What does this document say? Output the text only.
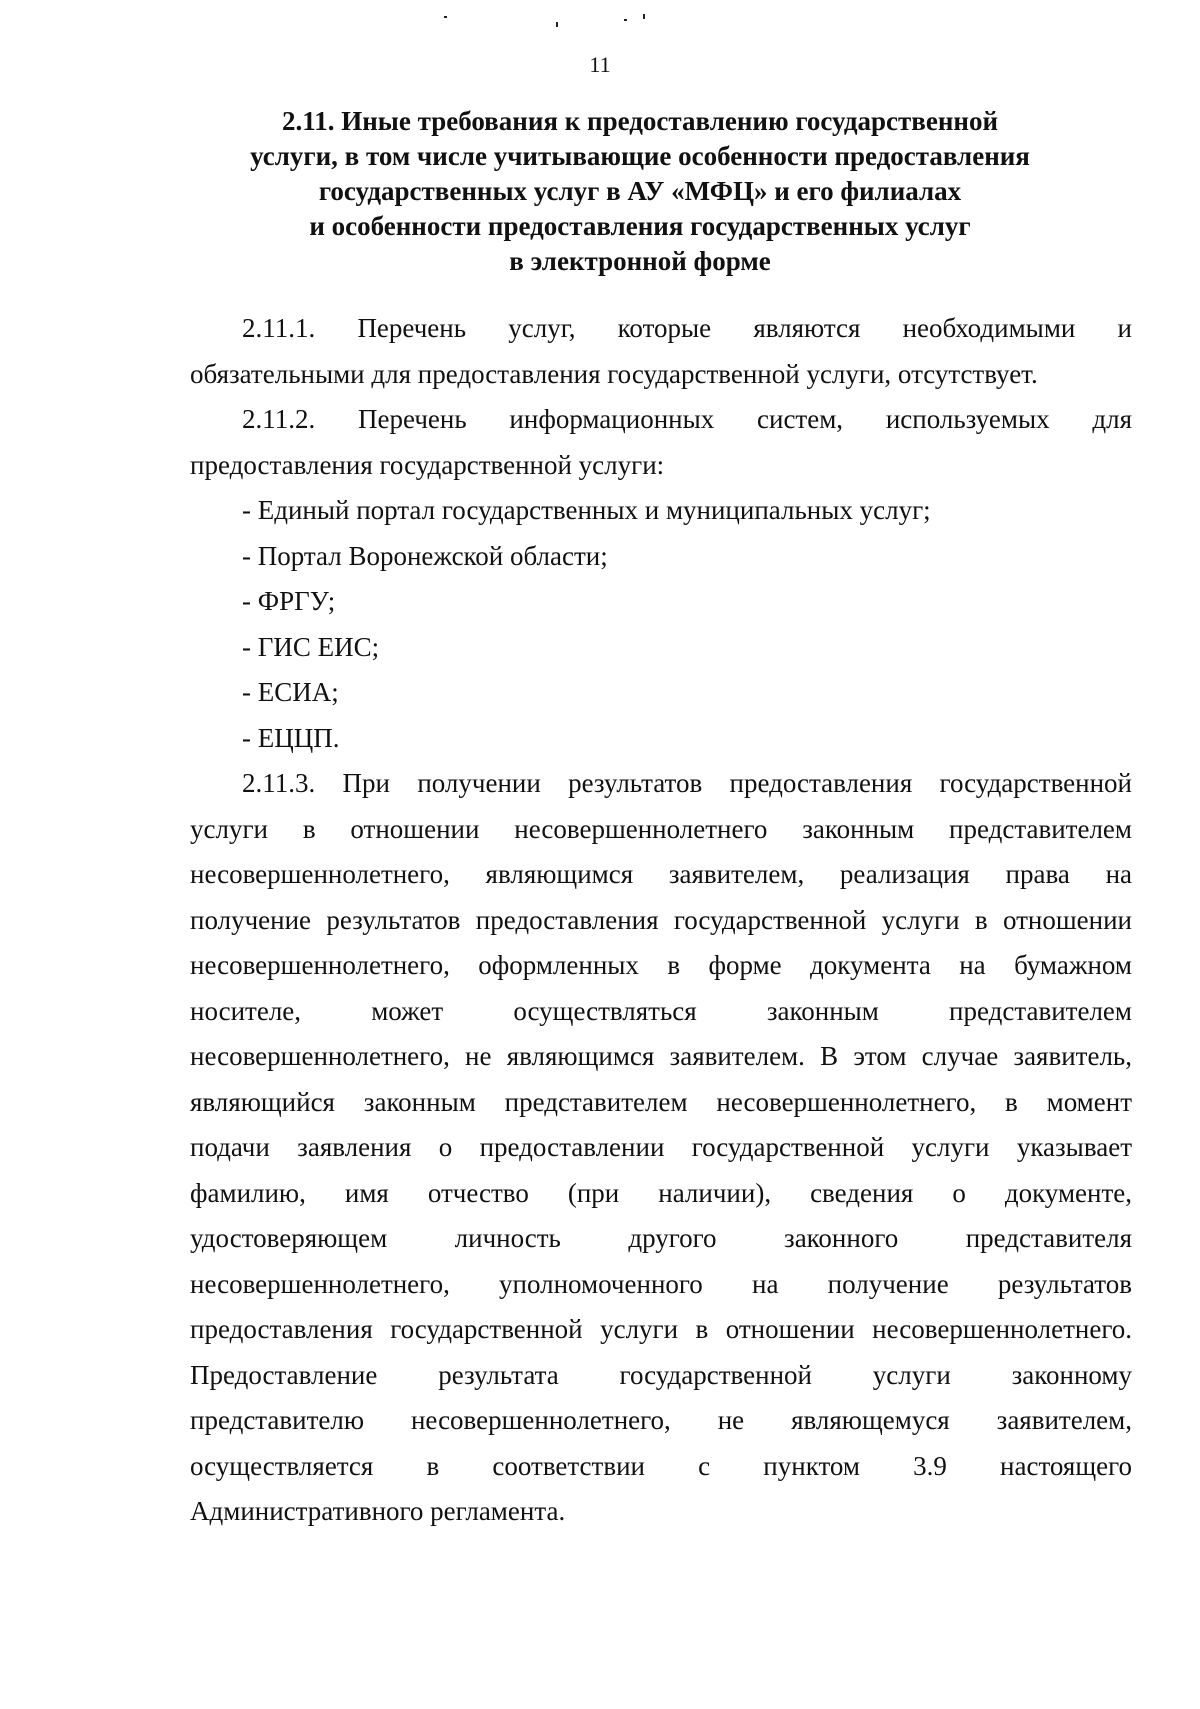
11
2.11. Иные требования к предоставлению государственной
услуги, в том числе учитывающие особенности предоставления
государственных услуг в АУ «МФЦ» и его филиалах
и особенности предоставления государственных услуг
в электронной форме
2.11.1. Перечень услуг, которые являются необходимыми и
обязательными для предоставления государственной услуги, отсутствует.
2.11.2. Перечень информационных систем, используемых для
предоставления государственной услуги:
- Единый портал государственных и муниципальных услуг;
- Портал Воронежской области;
- ФРГУ;
- ГИС ЕИС;
- ЕСИА;
- ЕЦЦП.
2.11.3. При получении результатов предоставления государственной
услуги в отношении несовершеннолетнего законным представителем
несовершеннолетнего, являющимся заявителем, реализация права на
получение результатов предоставления государственной услуги в отношении
несовершеннолетнего, оформленных в форме документа на бумажном
носителе, может осуществляться законным представителем
несовершеннолетнего, не являющимся заявителем. В этом случае заявитель,
являющийся законным представителем несовершеннолетнего, в момент
подачи заявления о предоставлении государственной услуги указывает
фамилию, имя отчество (при наличии), сведения о документе,
удостоверяющем личность другого законного представителя
несовершеннолетнего, уполномоченного на получение результатов
предоставления государственной услуги в отношении несовершеннолетнего.
Предоставление результата государственной услуги законному
представителю несовершеннолетнего, не являющемуся заявителем,
осуществляется в соответствии с пунктом 3.9 настоящего
Административного регламента.
